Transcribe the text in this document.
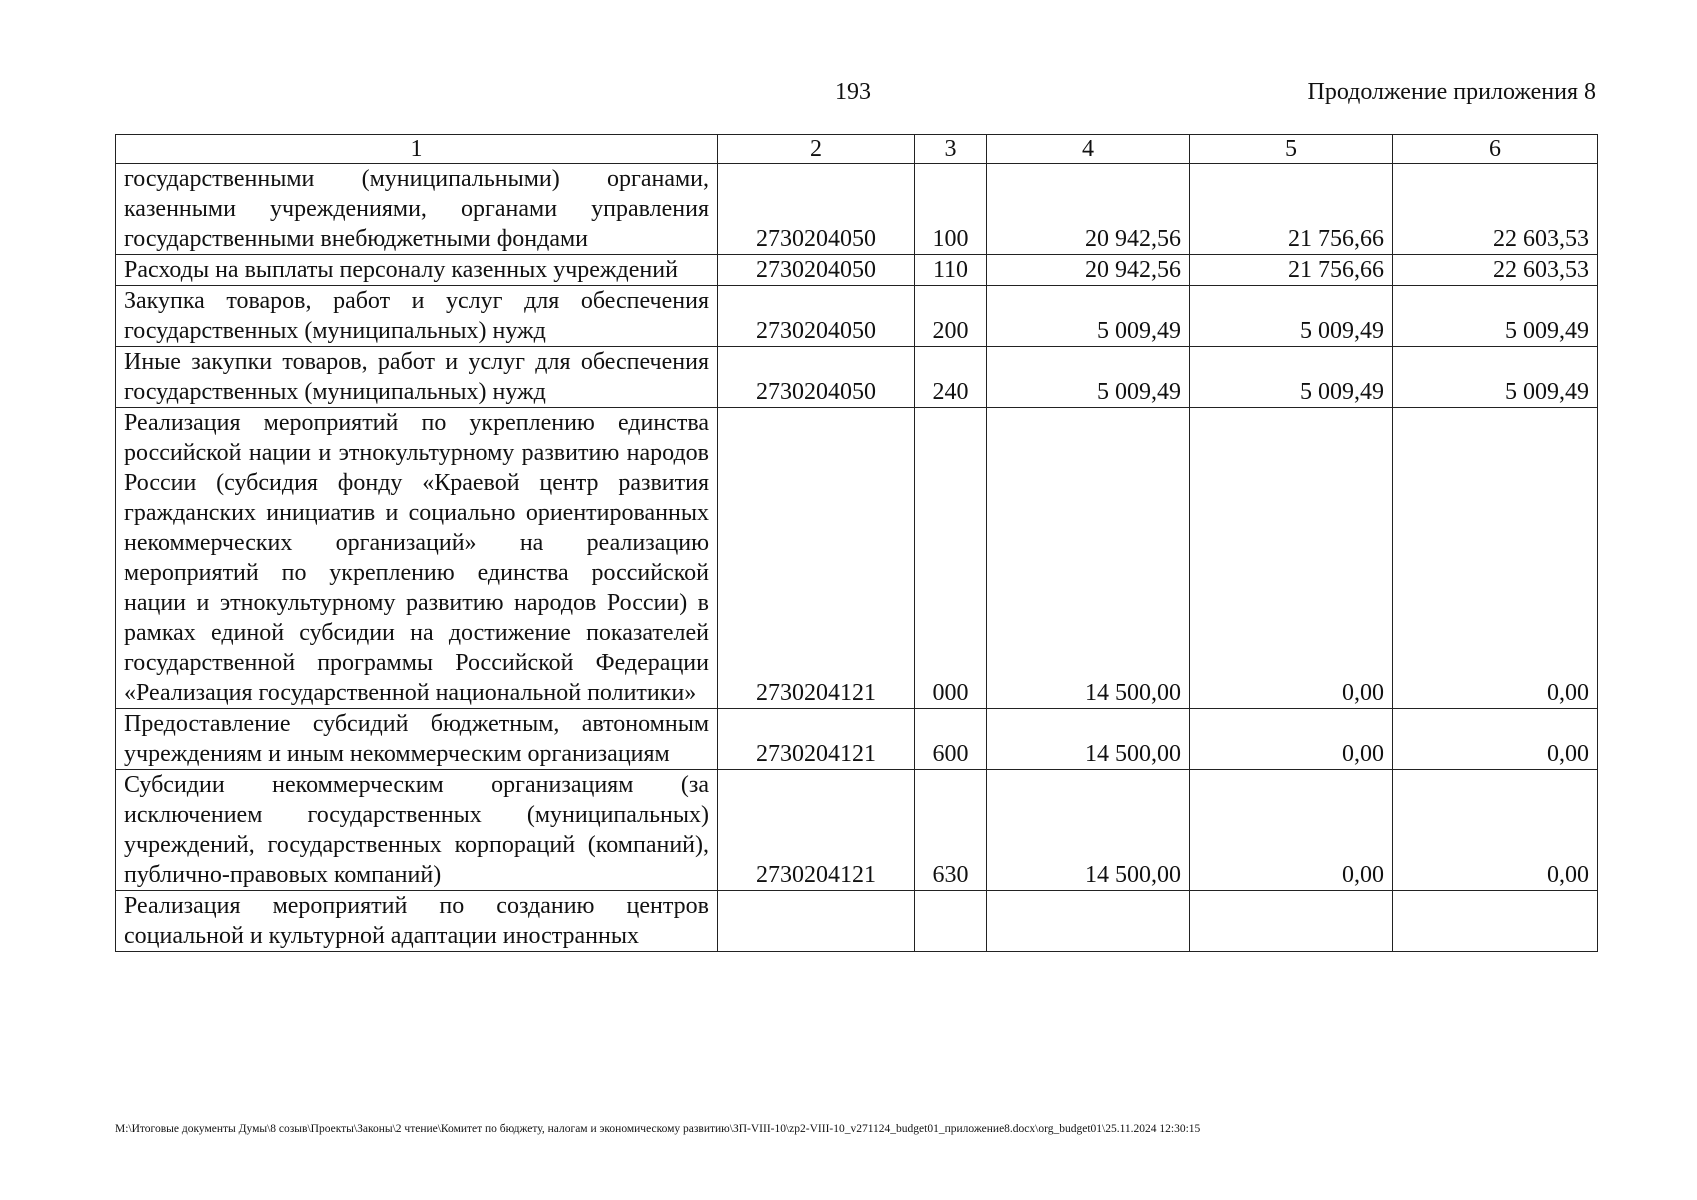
193	Продолжение приложения 8
1	2	3	4	5	6
государственными (муниципальными) органами, казенными учреждениями, органами управления государственными внебюджетными фондами	2730204050	100	20 942,56	21 756,66	22 603,53
Расходы на выплаты персоналу казенных учреждений	2730204050	110	20 942,56	21 756,66	22 603,53
Закупка товаров, работ и услуг для обеспечения государственных (муниципальных) нужд	2730204050	200	5 009,49	5 009,49	5 009,49
Иные закупки товаров, работ и услуг для обеспечения государственных (муниципальных) нужд	2730204050	240	5 009,49	5 009,49	5 009,49
Реализация мероприятий по укреплению единства российской нации и этнокультурному развитию народов России (субсидия фонду «Краевой центр развития гражданских инициатив и социально ориентированных некоммерческих организаций» на реализацию мероприятий по укреплению единства российской нации и этнокультурному развитию народов России) в рамках единой субсидии на достижение показателей государственной программы Российской Федерации «Реализация государственной национальной политики»	2730204121	000	14 500,00	0,00	0,00
Предоставление субсидий бюджетным, автономным учреждениям и иным некоммерческим организациям	2730204121	600	14 500,00	0,00	0,00
Субсидии некоммерческим организациям (за исключением государственных (муниципальных) учреждений, государственных корпораций (компаний), публично-правовых компаний)	2730204121	630	14 500,00	0,00	0,00
Реализация мероприятий по созданию центров социальной и культурной адаптации иностранных					
M:\Итоговые документы Думы\8 созыв\Проекты\Законы\2 чтение\Комитет по бюджету, налогам и экономическому развитию\ЗП-VIII-10\zp2-VIII-10_v271124_budget01_приложение8.docx\org_budget01\25.11.2024 12:30:15
